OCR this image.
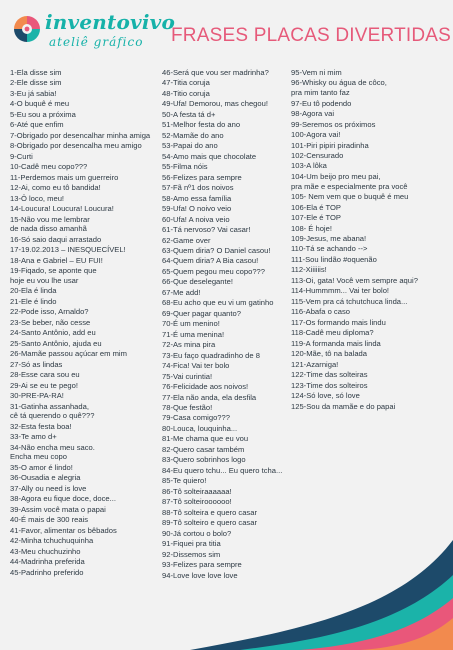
inventovivo
ateliê gráfico FRASES PLACAS DIVERTIDAS
1-Ela disse sim
2-Ele disse sim
3-Eu já sabia!
4-O buquê é meu
5-Eu sou a próxima
6-Até que enfim
7-Obrigado por desencalhar minha amiga
8-Obrigado por desencalha meu amigo
9-Curti
10-Cadê meu copo???
11-Perdemos mais um guerreiro
12-Ai, como eu tô bandida!
13-Ô loco, meu!
14-Loucura! Loucura! Loucura!
15-Não vou me lembrar
de nada disso amanhã
16-Só saio daqui arrastado
17-19.02.2013 – INESQUECÍVEL!
18-Ana e Gabriel – EU FUI!
19-Fiqado, se aponte que
hoje eu vou lhe usar
20-Ela é linda
21-Ele é lindo
22-Pode isso, Arnaldo?
23-Se beber, não cesse
24-Santo Antônio, add eu
25-Santo Antônio, ajuda eu
26-Mamãe passou açúcar em mim
27-Só as lindas
28-Esse cara sou eu
29-Ai se eu te pego!
30-PRE-PA-RA!
31-Gatinha assanhada,
cê tá querendo o quê???
32-Esta festa boa!
33-Te amo d+
34-Não encha meu saco.
Encha meu copo
35-O amor é lindo!
36-Ousadia e alegria
37-Ally ou need is love
38-Agora eu fique doce, doce...
39-Assim você mata o papai
40-É mais de 300 reais
41-Favor, alimentar os bêbados
42-Minha tchuchuquinha
43-Meu chuchuzinho
44-Madrinha preferida
45-Padrinho preferido
46-Será que vou ser madrinha?
47-Titia coruja
48-Titio coruja
49-Ufa! Demorou, mas chegou!
50-A festa tá d+
51-Melhor festa do ano
52-Mamãe do ano
53-Papai do ano
54-Amo mais que chocolate
55-Filma nóis
56-Felizes para sempre
57-Fã nº1 dos noivos
58-Amo essa família
59-Ufa! O noivo veio
60-Ufa! A noiva veio
61-Tá nervoso? Vai casar!
62-Game over
63-Quem diria? O Daniel casou!
64-Quem diria? A Bia casou!
65-Quem pegou meu copo???
66-Que deselegante!
67-Me add!
68-Eu acho que eu vi um gatinho
69-Quer pagar quanto?
70-É um menino!
71-É uma menina!
72-As mina pira
73-Eu faço quadradinho de 8
74-Fica! Vai ter bolo
75-Vai curintia!
76-Felicidade aos noivos!
77-Ela não anda, ela desfila
78-Que festão!
79-Casa comigo???
80-Louca, louquinha...
81-Me chama que eu vou
82-Quero casar também
83-Quero sobrinhos logo
84-Eu quero tchu... Eu quero tcha...
85-Te quiero!
86-Tô solteiraaaaaa!
87-Tô solteiroooooo!
88-Tô solteira e quero casar
89-Tô solteiro e quero casar
90-Já cortou o bolo?
91-Fiquei pra titia
92-Dissemos sim
93-Felizes para sempre
94-Love love love love
95-Vem ni mim
96-Whisky ou água de côco,
pra mim tanto faz
97-Eu tô podendo
98-Agora vai
99-Seremos os próximos
100-Agora vai!
101-Piri pipiri piradinha
102-Censurado
103-A lôka
104-Um beijo pro meu pai,
pra mãe e especialmente pra você
105- Nem vem que o buquê é meu
106-Ela é TOP
107-Ele é TOP
108- É hoje!
109-Jesus, me abana!
110-Tá se achando -->
111-Sou lindão #oquenão
112-Xiiiiiis!
113-Oi, gata! Você vem sempre aqui?
114-Hummmm... Vai ter bolo!
115-Vem pra cá tchutchuca linda...
116-Abafa o caso
117-Os formando mais lindu
118-Cadê meu diploma?
119-A formanda mais linda
120-Mãe, tô na balada
121-Azarniga!
122-Time das solteiras
123-Time dos solteiros
124-Só love, só love
125-Sou da mamãe e do papai
